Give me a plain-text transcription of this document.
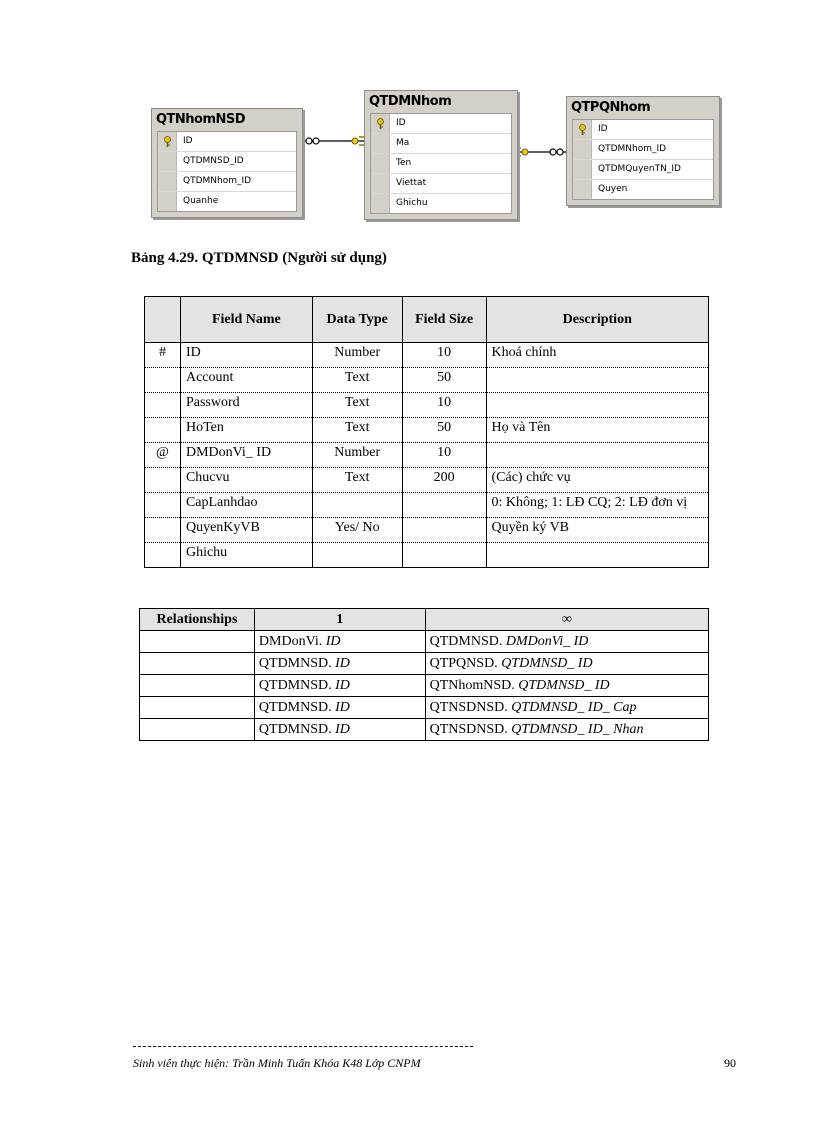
QTNhomNSD
ID
QTDMNSD_ID
QTDMNhom_ID
Quanhe
QTDMNhom
ID
Ma
Ten
Viettat
Ghichu
QTPQNhom
ID
QTDMNhom_ID
QTDMQuyenTN_ID
Quyen
Bảng 4.29. QTDMNSD (Người sử dụng)
	Field Name	Data Type	Field Size	Description
#	ID	Number	10	Khoá chính
	Account	Text	50	
	Password	Text	10	
	HoTen	Text	50	Họ và Tên
@	DMDonVi_ ID	Number	10	
	Chucvu	Text	200	(Các) chức vụ
	CapLanhdao			0: Không; 1: LĐ CQ; 2: LĐ đơn vị
	QuyenKyVB	Yes/ No		Quyền ký VB
	Ghichu			
Relationships	1	∞
	DMDonVi. ID	QTDMNSD. DMDonVi_ ID
	QTDMNSD. ID	QTPQNSD. QTDMNSD_ ID
	QTDMNSD. ID	QTNhomNSD. QTDMNSD_ ID
	QTDMNSD. ID	QTNSDNSD. QTDMNSD_ ID_ Cap
	QTDMNSD. ID	QTNSDNSD. QTDMNSD_ ID_ Nhan
Sinh viên thực hiện: Trần Minh Tuấn Khóa K48 Lớp CNPM	90
